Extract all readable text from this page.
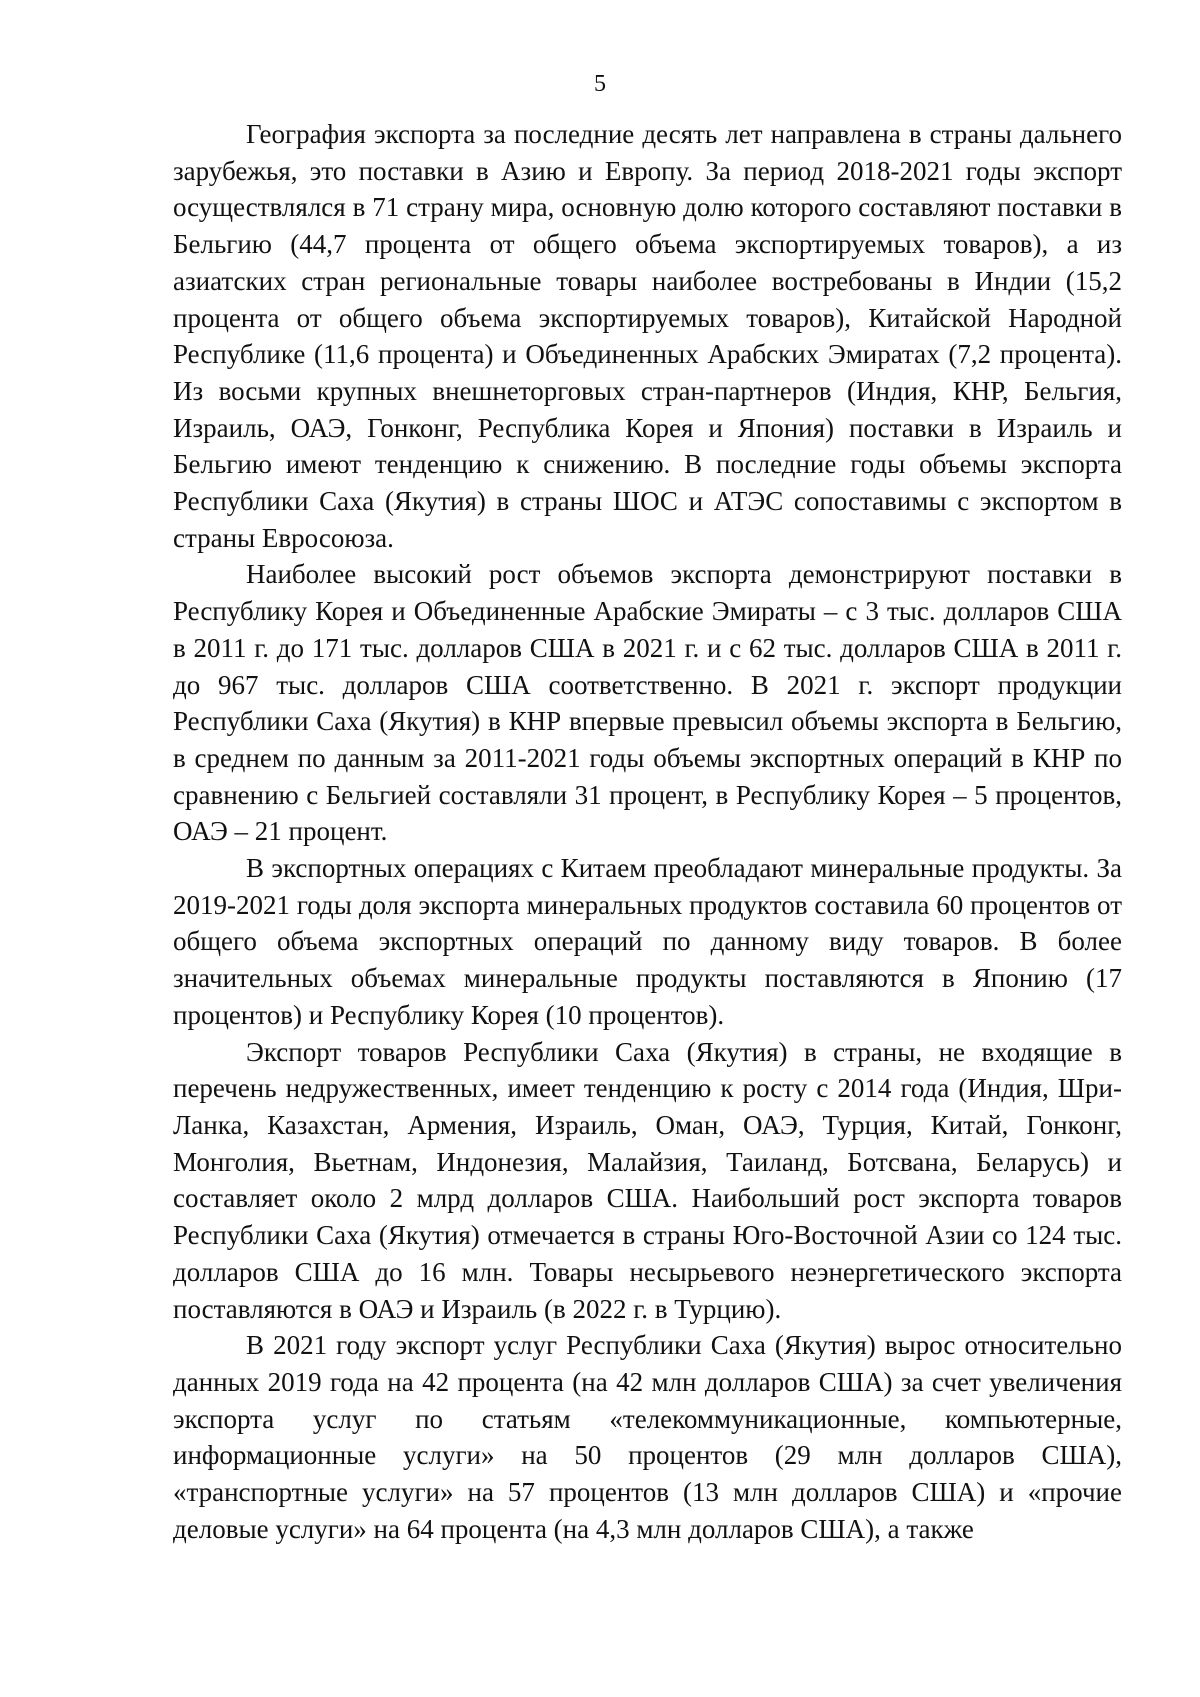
5

География экспорта за последние десять лет направлена в страны дальнего зарубежья, это поставки в Азию и Европу. За период 2018-2021 годы экспорт осуществлялся в 71 страну мира, основную долю которого составляют поставки в Бельгию (44,7 процента от общего объема экспортируемых товаров), а из азиатских стран региональные товары наиболее востребованы в Индии (15,2 процента от общего объема экспортируемых товаров), Китайской Народной Республике (11,6 процента) и Объединенных Арабских Эмиратах (7,2 процента). Из восьми крупных внешнеторговых стран-партнеров (Индия, КНР, Бельгия, Израиль, ОАЭ, Гонконг, Республика Корея и Япония) поставки в Израиль и Бельгию имеют тенденцию к снижению. В последние годы объемы экспорта Республики Саха (Якутия) в страны ШОС и АТЭС сопоставимы с экспортом в страны Евросоюза.

Наиболее высокий рост объемов экспорта демонстрируют поставки в Республику Корея и Объединенные Арабские Эмираты – с 3 тыс. долларов США в 2011 г. до 171 тыс. долларов США в 2021 г. и с 62 тыс. долларов США в 2011 г. до 967 тыс. долларов США соответственно. В 2021 г. экспорт продукции Республики Саха (Якутия) в КНР впервые превысил объемы экспорта в Бельгию, в среднем по данным за 2011-2021 годы объемы экспортных операций в КНР по сравнению с Бельгией составляли 31 процент, в Республику Корея – 5 процентов, ОАЭ – 21 процент.

В экспортных операциях с Китаем преобладают минеральные продукты. За 2019-2021 годы доля экспорта минеральных продуктов составила 60 процентов от общего объема экспортных операций по данному виду товаров. В более значительных объемах минеральные продукты поставляются в Японию (17 процентов) и Республику Корея (10 процентов).

Экспорт товаров Республики Саха (Якутия) в страны, не входящие в перечень недружественных, имеет тенденцию к росту с 2014 года (Индия, Шри-Ланка, Казахстан, Армения, Израиль, Оман, ОАЭ, Турция, Китай, Гонконг, Монголия, Вьетнам, Индонезия, Малайзия, Таиланд, Ботсвана, Беларусь) и составляет около 2 млрд долларов США. Наибольший рост экспорта товаров Республики Саха (Якутия) отмечается в страны Юго-Восточной Азии со 124 тыс. долларов США до 16 млн. Товары несырьевого неэнергетического экспорта поставляются в ОАЭ и Израиль (в 2022 г. в Турцию).

В 2021 году экспорт услуг Республики Саха (Якутия) вырос относительно данных 2019 года на 42 процента (на 42 млн долларов США) за счет увеличения экспорта услуг по статьям «телекоммуникационные, компьютерные, информационные услуги» на 50 процентов (29 млн долларов США), «транспортные услуги» на 57 процентов (13 млн долларов США) и «прочие деловые услуги» на 64 процента (на 4,3 млн долларов США), а также
